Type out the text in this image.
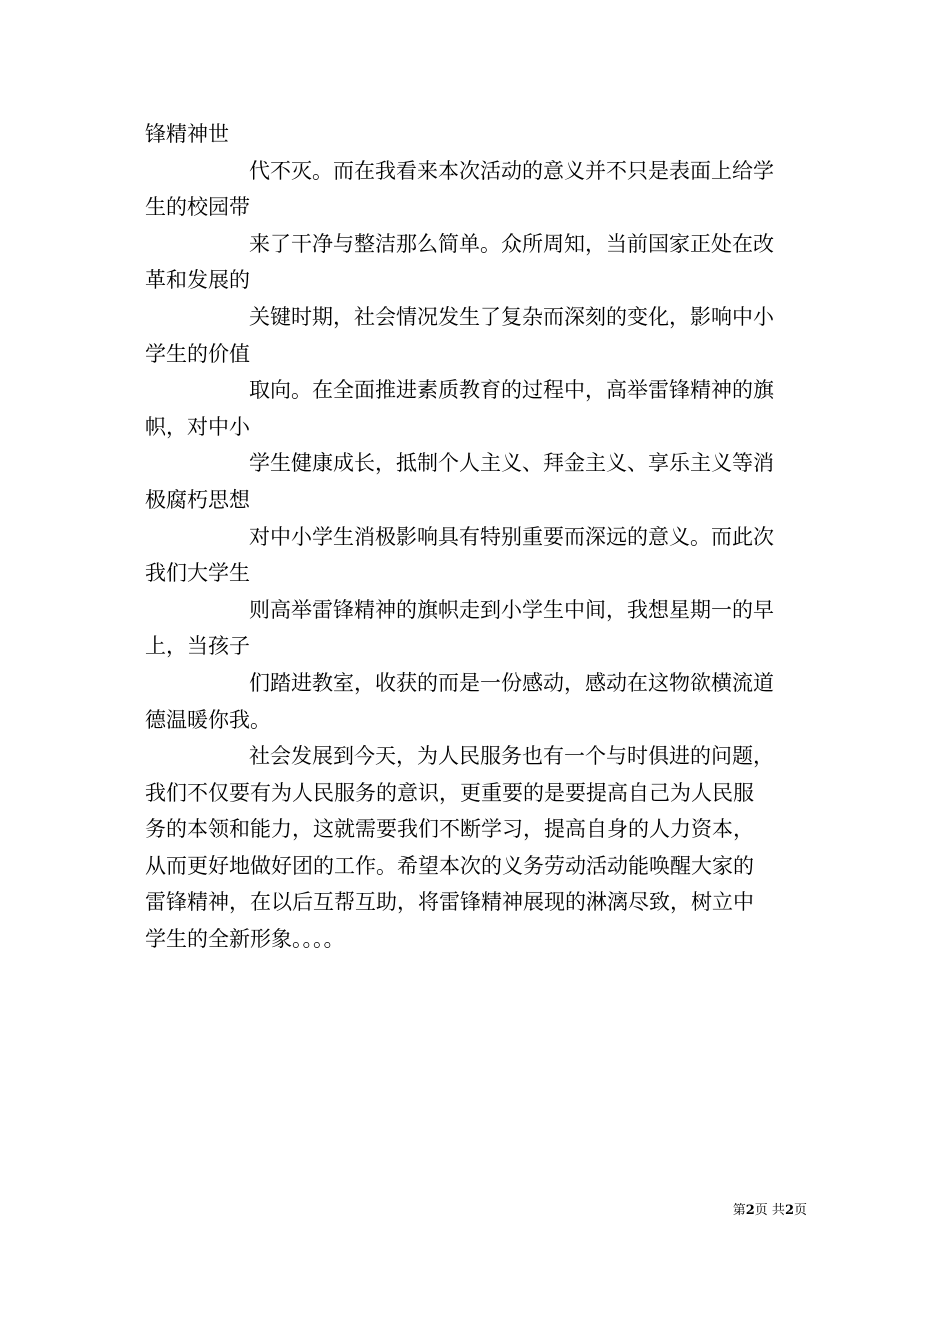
锋精神世
代不灭。而在我看来本次活动的意义并不只是表面上给学
生的校园带
来了干净与整洁那么简单。众所周知，当前国家正处在改
革和发展的
关键时期，社会情况发生了复杂而深刻的变化，影响中小
学生的价值
取向。在全面推进素质教育的过程中，高举雷锋精神的旗
帜，对中小
学生健康成长，抵制个人主义、拜金主义、享乐主义等消
极腐朽思想
对中小学生消极影响具有特别重要而深远的意义。而此次
我们大学生
则高举雷锋精神的旗帜走到小学生中间，我想星期一的早
上，当孩子
们踏进教室，收获的而是一份感动，感动在这物欲横流道
德温暖你我。
社会发展到今天，为人民服务也有一个与时俱进的问题，
我们不仅要有为人民服务的意识，更重要的是要提高自己为人民服
务的本领和能力，这就需要我们不断学习，提高自身的人力资本，
从而更好地做好团的工作。希望本次的义务劳动活动能唤醒大家的
雷锋精神，在以后互帮互助，将雷锋精神展现的淋漓尽致，树立中
学生的全新形象。。。。
第2页 共2页
